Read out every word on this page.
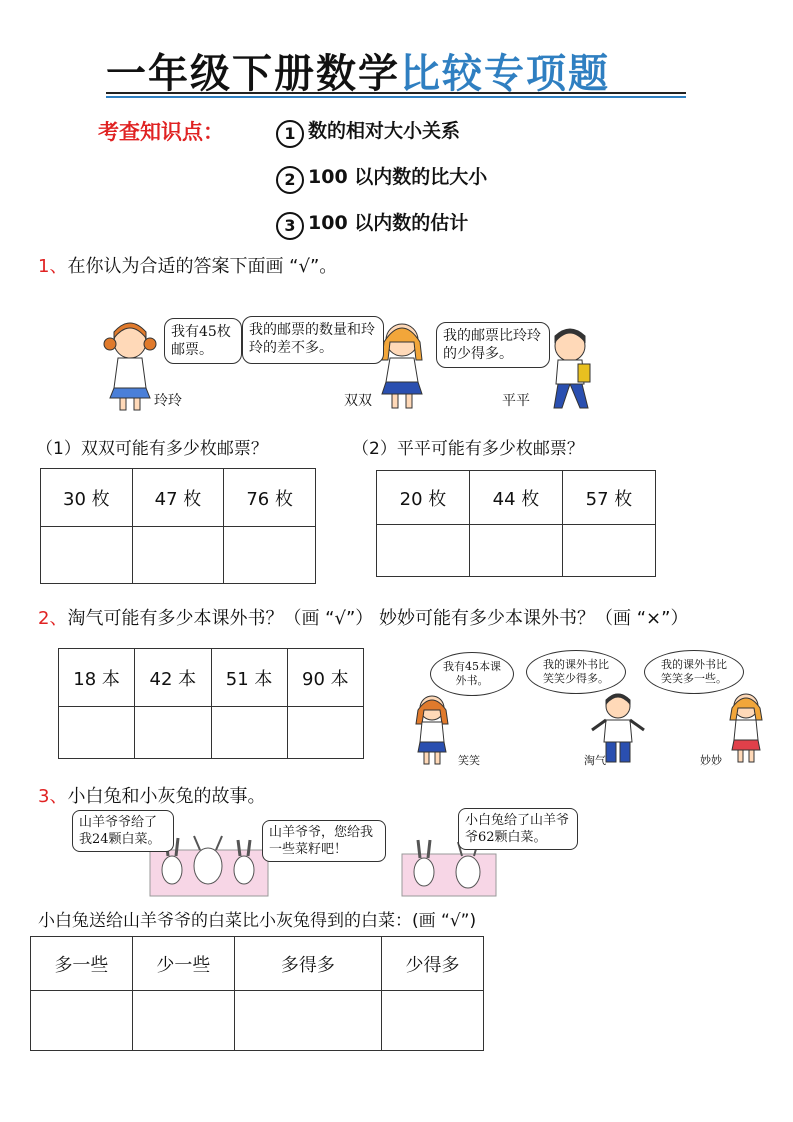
一年级下册数学比较专项题
考查知识点：	1 数的相对大小关系
2 100 以内数的比大小
3 100 以内数的估计
1、在你认为合适的答案下面画 “√”。
我有45枚邮票。
我的邮票的数量和玲玲的差不多。
我的邮票比玲玲的少得多。
玲玲	双双	平平
（1）双双可能有多少枚邮票？	（2）平平可能有多少枚邮票？
30 枚	47 枚	76 枚
			20 枚	44 枚	57 枚

2、淘气可能有多少本课外书？（画 “√”） 妙妙可能有多少本课外书？（画 “×”）
18 本	42 本	51 本	90 本

我有45本课外书。
我的课外书比笑笑少得多。
我的课外书比笑笑多一些。
笑笑	淘气	妙妙
3、小白兔和小灰兔的故事。
山羊爷爷给了我24颗白菜。	山羊爷爷，您给我一些菜籽吧！
小白兔给了山羊爷爷62颗白菜。
小白兔送给山羊爷爷的白菜比小灰兔得到的白菜：(画 “√”)
多一些	少一些	多得多	少得多
